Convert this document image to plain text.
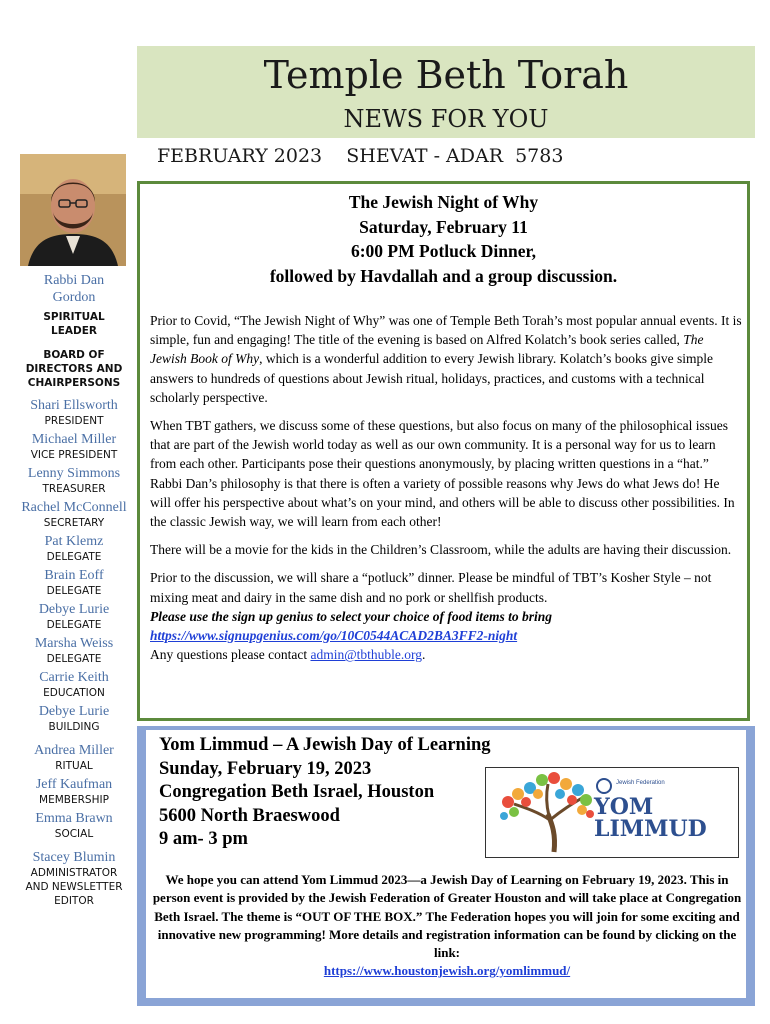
Temple Beth Torah
NEWS FOR YOU
FEBRUARY 2023    SHEVAT - ADAR  5783
Rabbi Dan Gordon
SPIRITUAL LEADER
BOARD OF DIRECTORS AND CHAIRPERSONS
Shari Ellsworth
PRESIDENT
Michael Miller
VICE PRESIDENT
Lenny Simmons
TREASURER
Rachel McConnell
SECRETARY
Pat Klemz
DELEGATE
Brain Eoff
DELEGATE
Debye Lurie
DELEGATE
Marsha Weiss
DELEGATE
Carrie Keith
EDUCATION
Debye Lurie
BUILDING
Andrea Miller
RITUAL
Jeff Kaufman
MEMBERSHIP
Emma Brawn
SOCIAL
Stacey Blumin
ADMINISTRATOR AND NEWSLETTER EDITOR
The Jewish Night of Why
Saturday, February 11
6:00 PM Potluck Dinner,
followed by Havdallah and a group discussion.

Prior to Covid, “The Jewish Night of Why” was one of Temple Beth Torah’s most popular annual events. It is simple, fun and engaging! The title of the evening is based on Alfred Kolatch’s book series called, The Jewish Book of Why, which is a wonderful addition to every Jewish library. Kolatch’s books give simple answers to hundreds of questions about Jewish ritual, holidays, practices, and customs with a technical scholarly perspective.

When TBT gathers, we discuss some of these questions, but also focus on many of the philosophical issues that are part of the Jewish world today as well as our own community. It is a personal way for us to learn from each other. Participants pose their questions anonymously, by placing written questions in a “hat.” Rabbi Dan’s philosophy is that there is often a variety of possible reasons why Jews do what Jews do! He will offer his perspective about what’s on your mind, and others will be able to discuss other possibilities. In the classic Jewish way, we will learn from each other!

There will be a movie for the kids in the Children’s Classroom, while the adults are having their discussion.

Prior to the discussion, we will share a “potluck” dinner. Please be mindful of TBT’s Kosher Style – not mixing meat and dairy in the same dish and no pork or shellfish products.
Please use the sign up genius to select your choice of food items to bring
https://www.signupgenius.com/go/10C0544ACAD2BA3FF2-night
Any questions please contact admin@tbthuble.org.

Yom Limmud – A Jewish Day of Learning
Sunday, February 19, 2023
Congregation Beth Israel, Houston
5600 North Braeswood
9 am- 3 pm
Jewish Federation
YOM
LIMMUD
We hope you can attend Yom Limmud 2023—a Jewish Day of Learning on February 19, 2023. This in person event is provided by the Jewish Federation of Greater Houston and will take place at Congregation Beth Israel. The theme is “OUT OF THE BOX.” The Federation hopes you will join for some exciting and innovative new programming! More details and registration information can be found by clicking on the link:
https://www.houstonjewish.org/yomlimmud/
